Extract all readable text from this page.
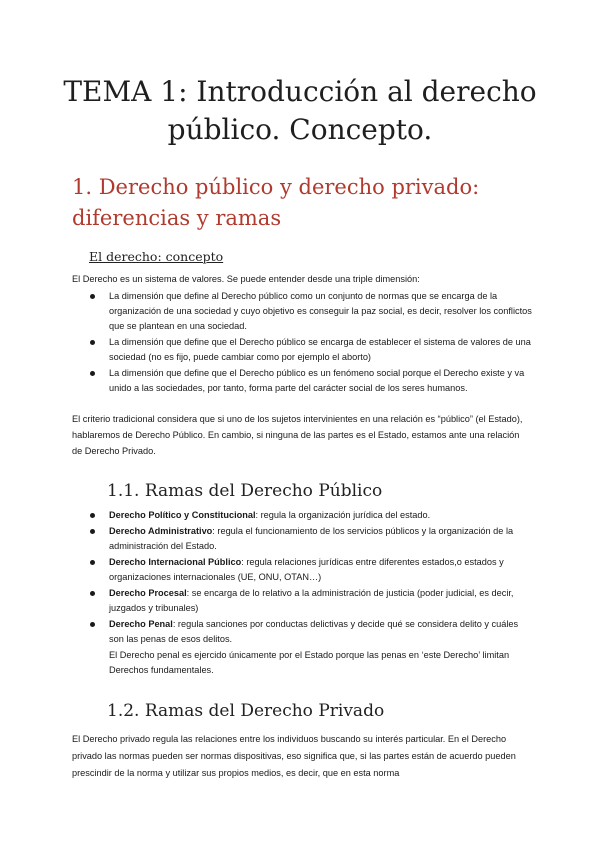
TEMA 1: Introducción al derecho
público. Concepto.
1. Derecho público y derecho privado: diferencias y ramas
El derecho: concepto

El Derecho es un sistema de valores. Se puede entender desde una triple dimensión:

La dimensión que define al Derecho público como un conjunto de normas que se encarga de la organización de una sociedad y cuyo objetivo es conseguir la paz social, es decir, resolver los conflictos que se plantean en una sociedad.
La dimensión que define que el Derecho público se encarga de establecer el sistema de valores de una sociedad (no es fijo, puede cambiar como por ejemplo el aborto)
La dimensión que define que el Derecho público es un fenómeno social porque el Derecho existe y va unido a las sociedades, por tanto, forma parte del carácter social de los seres humanos.

El criterio tradicional considera que si uno de los sujetos intervinientes en una relación es “público” (el Estado), hablaremos de Derecho Público. En cambio, si ninguna de las partes es el Estado, estamos ante una relación de Derecho Privado.

1.1. Ramas del Derecho Público
Derecho Político y Constitucional: regula la organización jurídica del estado.
Derecho Administrativo: regula el funcionamiento de los servicios públicos y la organización de la administración del Estado.
Derecho Internacional Público: regula relaciones jurídicas entre diferentes estados,o estados y organizaciones internacionales (UE, ONU, OTAN…)
Derecho Procesal: se encarga de lo relativo a la administración de justicia (poder judicial, es decir, juzgados y tribunales)
Derecho Penal: regula sanciones por conductas delictivas y decide qué se considera delito y cuáles son las penas de esos delitos.
El Derecho penal es ejercido únicamente por el Estado porque las penas en ‘este Derecho’ limitan Derechos fundamentales.
1.2. Ramas del Derecho Privado

El Derecho privado regula las relaciones entre los individuos buscando su interés particular. En el Derecho privado las normas pueden ser normas dispositivas, eso significa que, si las partes están de acuerdo pueden prescindir de la norma y utilizar sus propios medios, es decir, que en esta norma
